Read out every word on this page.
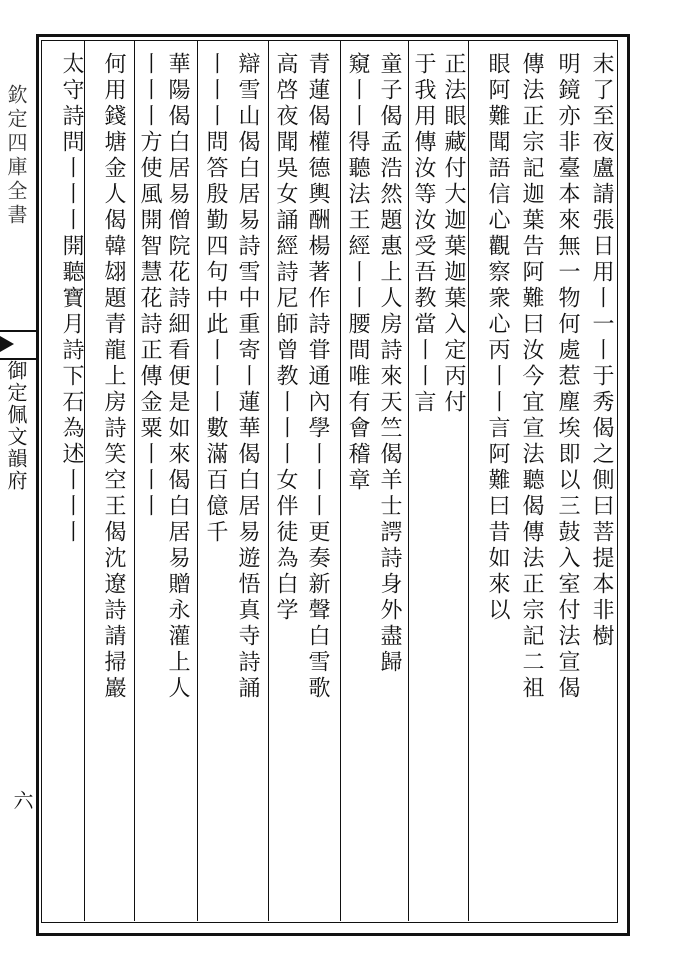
欽定四庫全書
御定佩文韻府
六
末了至夜盧請張日用丨一丨于秀偈之側曰菩提本非樹
明鏡亦非臺本來無一物何處惹塵埃即以三鼓入室付法宣偈
傳法正宗記迦葉告阿難曰汝今宜宣法聽偈傳法正宗記二祖
眼阿難聞語信心觀察衆心丙丨丨言阿難曰昔如來以
正法眼藏付大迦葉迦葉入定丙付
于我用傳汝等汝受吾教當丨丨言
童子偈孟浩然題惠上人房詩來天竺偈羊士諤詩身外盡歸
窺丨丨得聽法王經丨丨腰間唯有會稽章
青蓮偈權德輿酬楊著作詩甞通內學丨丨丨更奏新聲白雪歌
高啓夜聞吳女誦經詩尼師曾教丨丨丨女伴徒為白学
辯雪山偈白居易詩雪中重寄丨蓮華偈白居易遊悟真寺詩誦
丨丨丨問答殷勤四句中此丨丨丨數滿百億千
華陽偈白居易僧院花詩細看便是如來偈白居易贈永灌上人
丨丨丨方使風開智慧花詩正傳金粟丨丨丨
何用錢塘金人偈韓翃題青龍上房詩笑空王偈沈遼詩請掃巖
太守詩問丨丨丨開聽寶月詩下石為述丨丨丨
